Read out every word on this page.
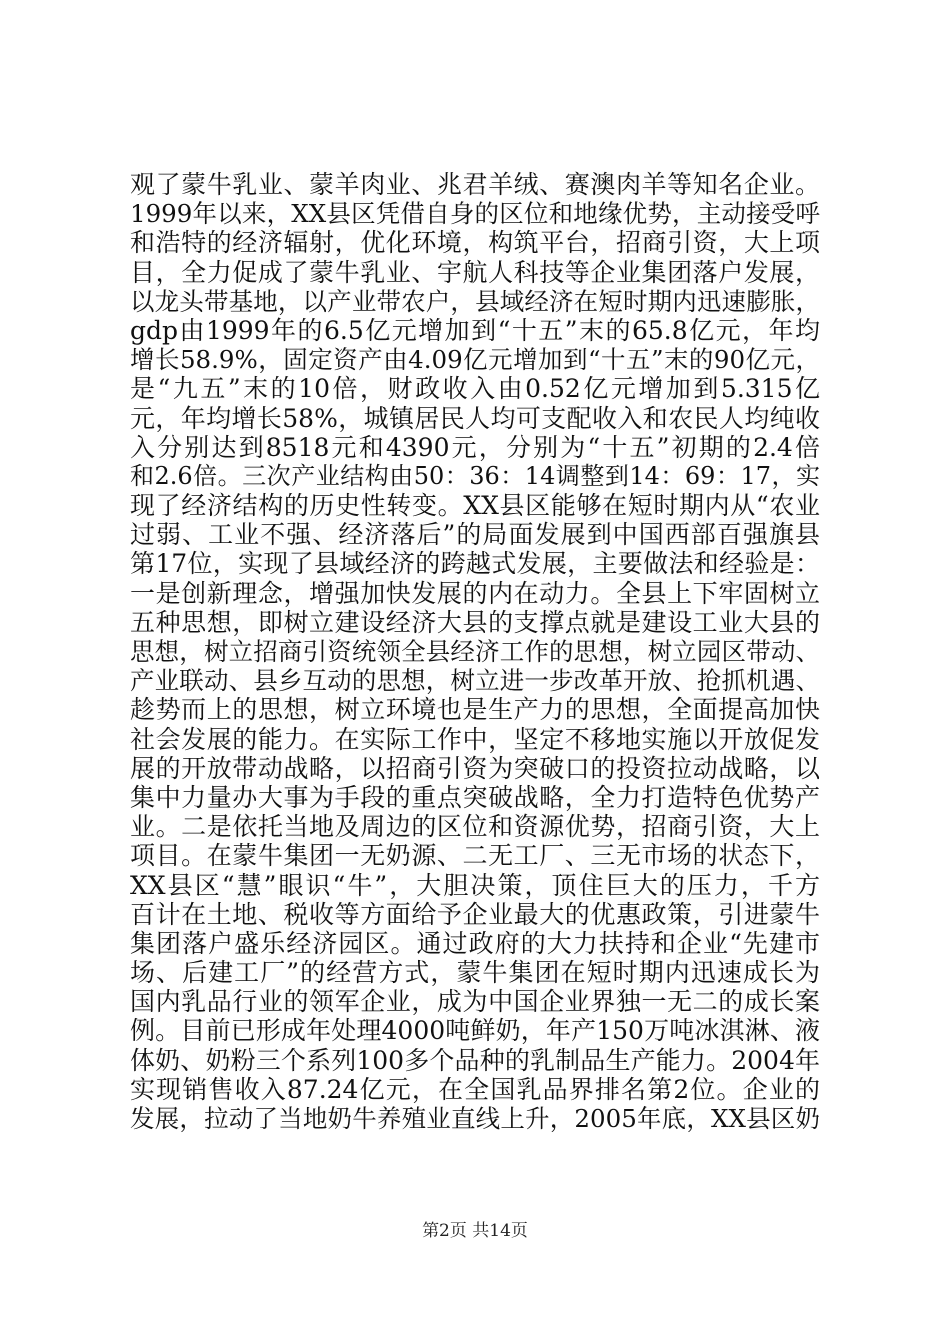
观了蒙牛乳业、蒙羊肉业、兆君羊绒、赛澳肉羊等知名企业。
1999年以来，XX县区凭借自身的区位和地缘优势，主动接受呼
和浩特的经济辐射，优化环境，构筑平台，招商引资，大上项
目，全力促成了蒙牛乳业、宇航人科技等企业集团落户发展，
以龙头带基地，以产业带农户，县域经济在短时期内迅速膨胀，
gdp由1999年的6.5亿元增加到“十五”末的65.8亿元，年均
增长58.9%，固定资产由4.09亿元增加到“十五”末的90亿元，
是“九五”末的10倍，财政收入由0.52亿元增加到5.315亿
元，年均增长58%，城镇居民人均可支配收入和农民人均纯收
入分别达到8518元和4390元，分别为“十五”初期的2.4倍
和2.6倍。三次产业结构由50：36：14调整到14：69：17，实
现了经济结构的历史性转变。XX县区能够在短时期内从“农业
过弱、工业不强、经济落后”的局面发展到中国西部百强旗县
第17位，实现了县域经济的跨越式发展，主要做法和经验是：
一是创新理念，增强加快发展的内在动力。全县上下牢固树立
五种思想，即树立建设经济大县的支撑点就是建设工业大县的
思想，树立招商引资统领全县经济工作的思想，树立园区带动、
产业联动、县乡互动的思想，树立进一步改革开放、抢抓机遇、
趁势而上的思想，树立环境也是生产力的思想，全面提高加快
社会发展的能力。在实际工作中，坚定不移地实施以开放促发
展的开放带动战略，以招商引资为突破口的投资拉动战略，以
集中力量办大事为手段的重点突破战略，全力打造特色优势产
业。二是依托当地及周边的区位和资源优势，招商引资，大上
项目。在蒙牛集团一无奶源、二无工厂、三无市场的状态下，
XX县区“慧”眼识“牛”，大胆决策，顶住巨大的压力，千方
百计在土地、税收等方面给予企业最大的优惠政策，引进蒙牛
集团落户盛乐经济园区。通过政府的大力扶持和企业“先建市
场、后建工厂”的经营方式，蒙牛集团在短时期内迅速成长为
国内乳品行业的领军企业，成为中国企业界独一无二的成长案
例。目前已形成年处理4000吨鲜奶，年产150万吨冰淇淋、液
体奶、奶粉三个系列100多个品种的乳制品生产能力。2004年
实现销售收入87.24亿元，在全国乳品界排名第2位。企业的
发展，拉动了当地奶牛养殖业直线上升，2005年底，XX县区奶
第2页 共14页
